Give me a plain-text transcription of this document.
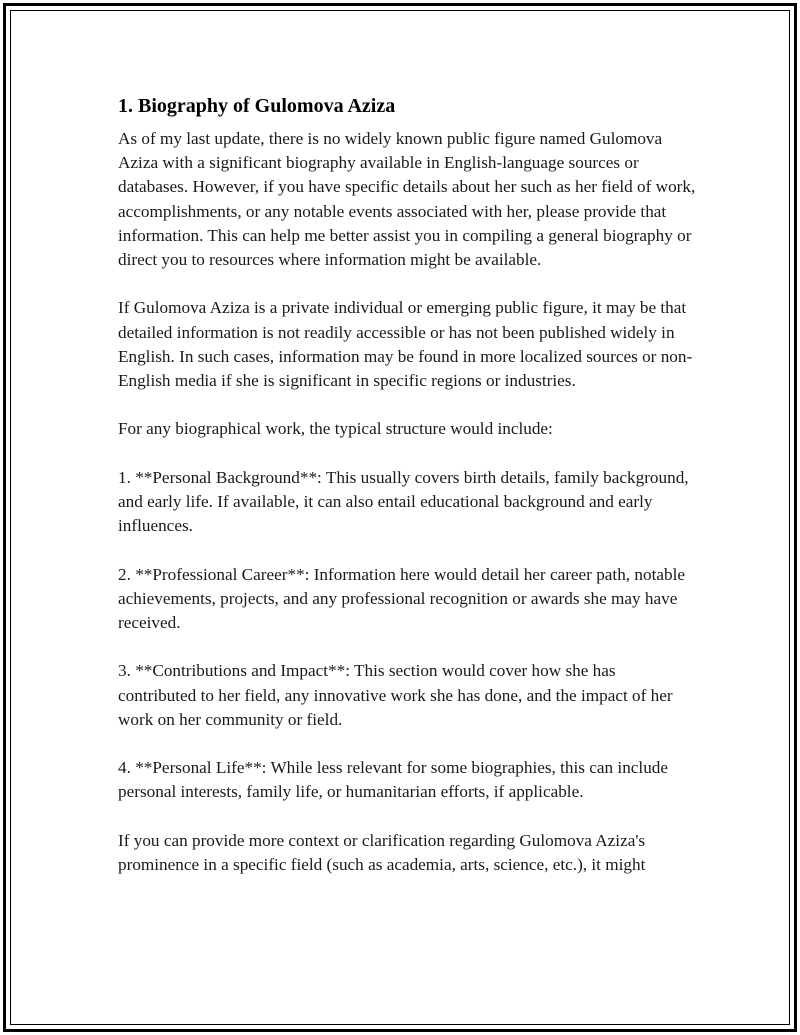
1. Biography of Gulomova Aziza

As of my last update, there is no widely known public figure named Gulomova Aziza with a significant biography available in English-language sources or databases. However, if you have specific details about her such as her field of work, accomplishments, or any notable events associated with her, please provide that information. This can help me better assist you in compiling a general biography or direct you to resources where information might be available.

If Gulomova Aziza is a private individual or emerging public figure, it may be that detailed information is not readily accessible or has not been published widely in English. In such cases, information may be found in more localized sources or non-English media if she is significant in specific regions or industries.

For any biographical work, the typical structure would include:

1. **Personal Background**: This usually covers birth details, family background, and early life. If available, it can also entail educational background and early influences.

2. **Professional Career**: Information here would detail her career path, notable achievements, projects, and any professional recognition or awards she may have received.

3. **Contributions and Impact**: This section would cover how she has contributed to her field, any innovative work she has done, and the impact of her work on her community or field.

4. **Personal Life**: While less relevant for some biographies, this can include personal interests, family life, or humanitarian efforts, if applicable.

If you can provide more context or clarification regarding Gulomova Aziza's prominence in a specific field (such as academia, arts, science, etc.), it might
